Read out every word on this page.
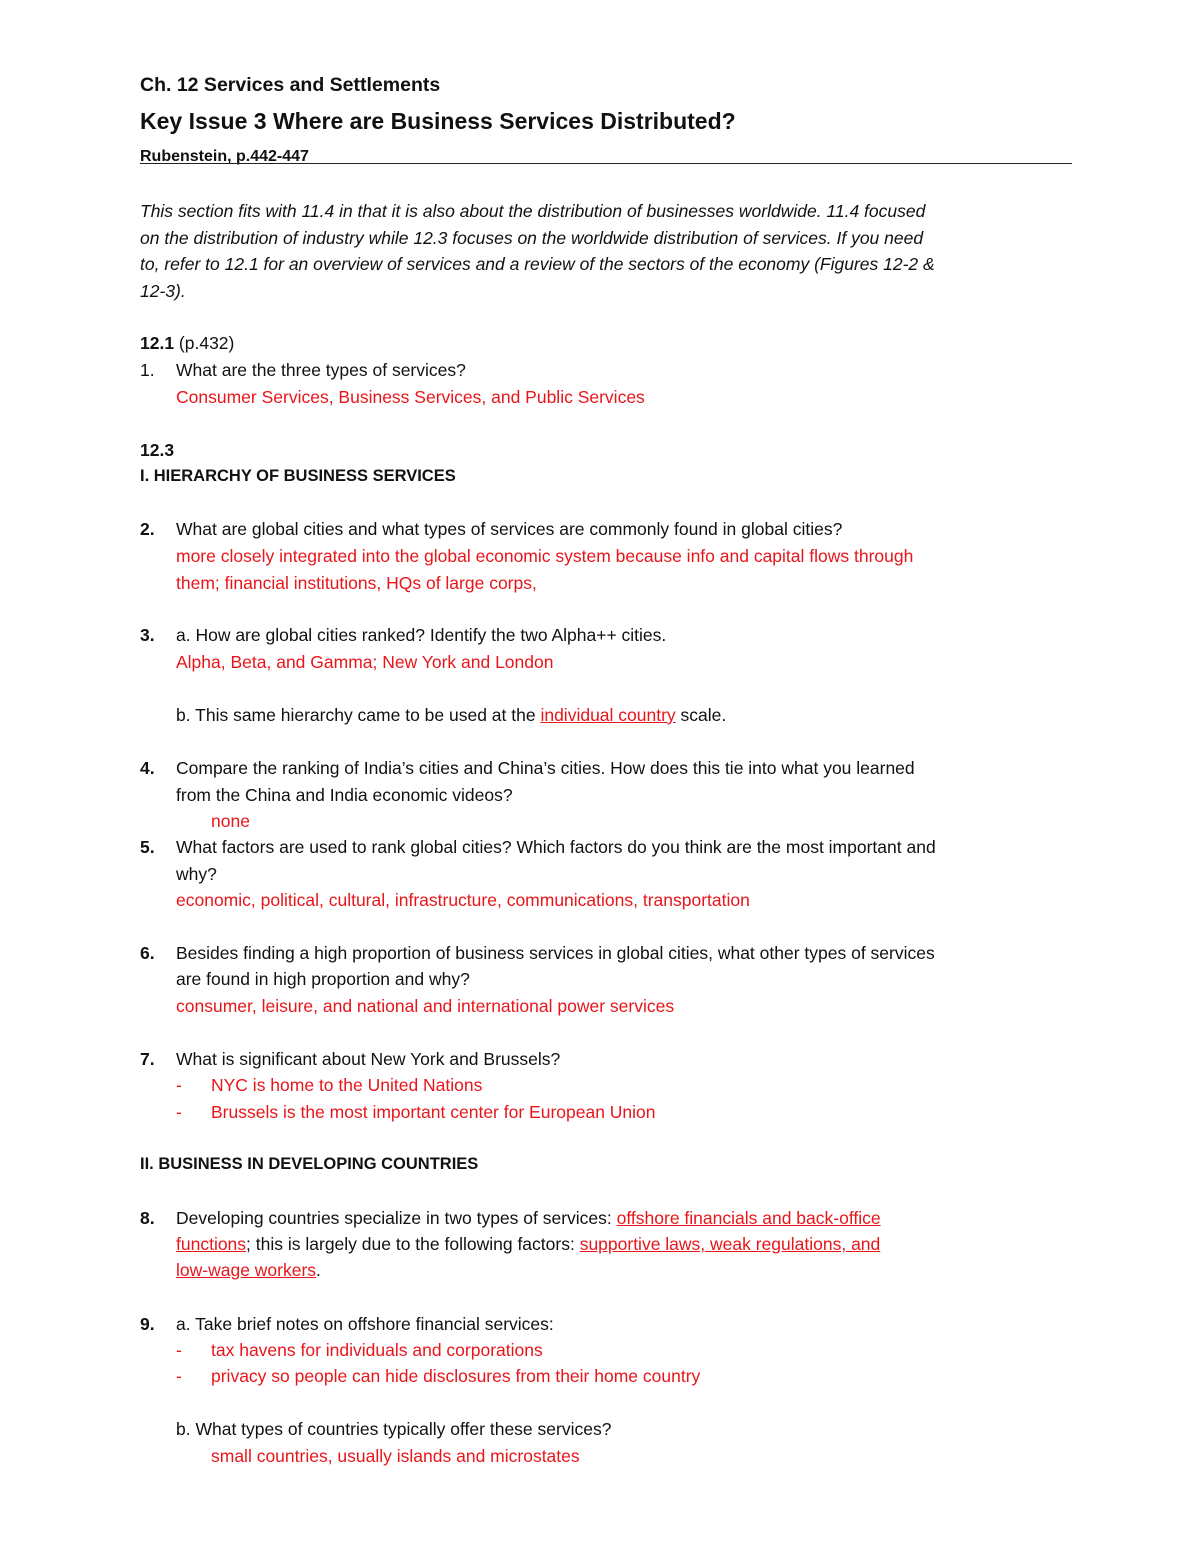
Ch. 12 Services and Settlements
Key Issue 3 Where are Business Services Distributed?
Rubenstein, p.442-447
This section fits with 11.4 in that it is also about the distribution of businesses worldwide. 11.4 focused
on the distribution of industry while 12.3 focuses on the worldwide distribution of services. If you need
to, refer to 12.1 for an overview of services and a review of the sectors of the economy (Figures 12-2 &
12-3).
12.1 (p.432)
1. What are the three types of services?
Consumer Services, Business Services, and Public Services
12.3
I. HIERARCHY OF BUSINESS SERVICES
2. What are global cities and what types of services are commonly found in global cities?
more closely integrated into the global economic system because info and capital flows through
them; financial institutions, HQs of large corps,
3. a. How are global cities ranked? Identify the two Alpha++ cities.
Alpha, Beta, and Gamma; New York and London
b. This same hierarchy came to be used at the individual country scale.
4. Compare the ranking of India’s cities and China’s cities. How does this tie into what you learned
from the China and India economic videos?
none
5. What factors are used to rank global cities? Which factors do you think are the most important and
why?
economic, political, cultural, infrastructure, communications, transportation
6. Besides finding a high proportion of business services in global cities, what other types of services
are found in high proportion and why?
consumer, leisure, and national and international power services
7. What is significant about New York and Brussels?
- NYC is home to the United Nations
- Brussels is the most important center for European Union
II. BUSINESS IN DEVELOPING COUNTRIES
8. Developing countries specialize in two types of services: offshore financials and back-office
functions; this is largely due to the following factors: supportive laws, weak regulations, and
low-wage workers.
9. a. Take brief notes on offshore financial services:
- tax havens for individuals and corporations
- privacy so people can hide disclosures from their home country
b. What types of countries typically offer these services?
small countries, usually islands and microstates
